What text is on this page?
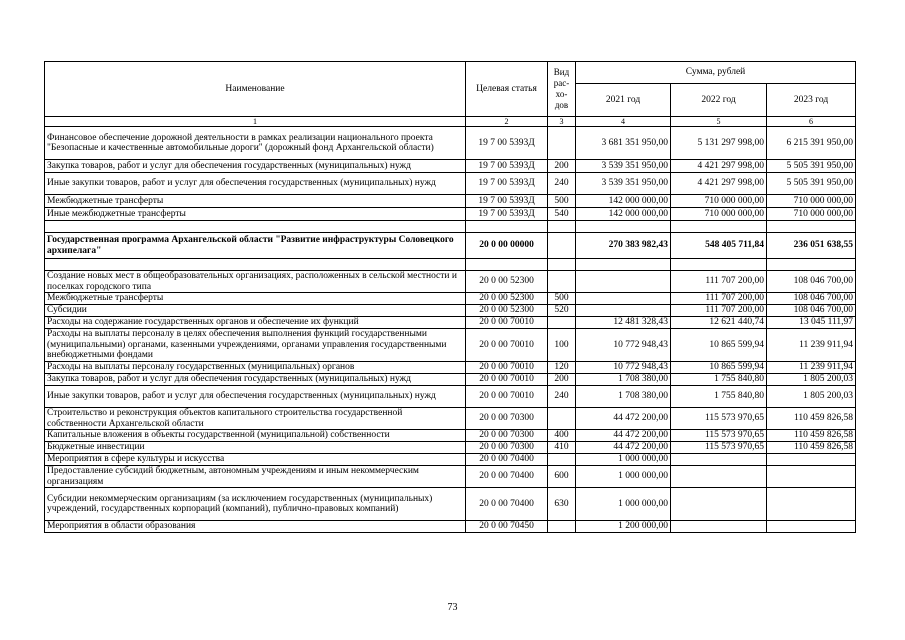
Наименование	Целевая статья	Вид рас-хо-дов	Сумма, рублей		
			2021 год	2022 год	2023 год
1	2	3	4	5	6
Финансовое обеспечение дорожной деятельности в рамках реализации национального проекта "Безопасные и качественные автомобильные дороги" (дорожный фонд Архангельской области)	19 7 00 5393Д		3 681 351 950,00	5 131 297 998,00	6 215 391 950,00
Закупка товаров, работ и услуг для обеспечения государственных (муниципальных) нужд	19 7 00 5393Д	200	3 539 351 950,00	4 421 297 998,00	5 505 391 950,00
Иные закупки товаров, работ и услуг для обеспечения государственных (муниципальных) нужд	19 7 00 5393Д	240	3 539 351 950,00	4 421 297 998,00	5 505 391 950,00
Межбюджетные трансферты	19 7 00 5393Д	500	142 000 000,00	710 000 000,00	710 000 000,00
Иные межбюджетные трансферты	19 7 00 5393Д	540	142 000 000,00	710 000 000,00	710 000 000,00

Государственная программа Архангельской области "Развитие инфраструктуры Соловецкого архипелага"	20 0 00 00000		270 383 982,43	548 405 711,84	236 051 638,55

Создание новых мест в общеобразовательных организациях, расположенных в сельской местности и поселках городского типа	20 0 00 52300			111 707 200,00	108 046 700,00
Межбюджетные трансферты	20 0 00 52300	500		111 707 200,00	108 046 700,00
Субсидии	20 0 00 52300	520		111 707 200,00	108 046 700,00
Расходы на содержание государственных органов и обеспечение их функций	20 0 00 70010		12 481 328,43	12 621 440,74	13 045 111,97
Расходы на выплаты персоналу в целях обеспечения выполнения функций государственными (муниципальными) органами, казенными учреждениями, органами управления государственными внебюджетными фондами	20 0 00 70010	100	10 772 948,43	10 865 599,94	11 239 911,94
Расходы на выплаты персоналу государственных (муниципальных) органов	20 0 00 70010	120	10 772 948,43	10 865 599,94	11 239 911,94
Закупка товаров, работ и услуг для обеспечения государственных (муниципальных) нужд	20 0 00 70010	200	1 708 380,00	1 755 840,80	1 805 200,03
Иные закупки товаров, работ и услуг для обеспечения государственных (муниципальных) нужд	20 0 00 70010	240	1 708 380,00	1 755 840,80	1 805 200,03
Строительство и реконструкция объектов капитального строительства государственной собственности Архангельской области	20 0 00 70300		44 472 200,00	115 573 970,65	110 459 826,58
Капитальные вложения в объекты государственной (муниципальной) собственности	20 0 00 70300	400	44 472 200,00	115 573 970,65	110 459 826,58
Бюджетные инвестиции	20 0 00 70300	410	44 472 200,00	115 573 970,65	110 459 826,58
Мероприятия в сфере культуры и искусства	20 0 00 70400		1 000 000,00		
Предоставление субсидий бюджетным, автономным учреждениям и иным некоммерческим организациям	20 0 00 70400	600	1 000 000,00		
Субсидии некоммерческим организациям (за исключением государственных (муниципальных) учреждений, государственных корпораций (компаний), публично-правовых компаний)	20 0 00 70400	630	1 000 000,00		
Мероприятия в области образования	20 0 00 70450		1 200 000,00		
73
